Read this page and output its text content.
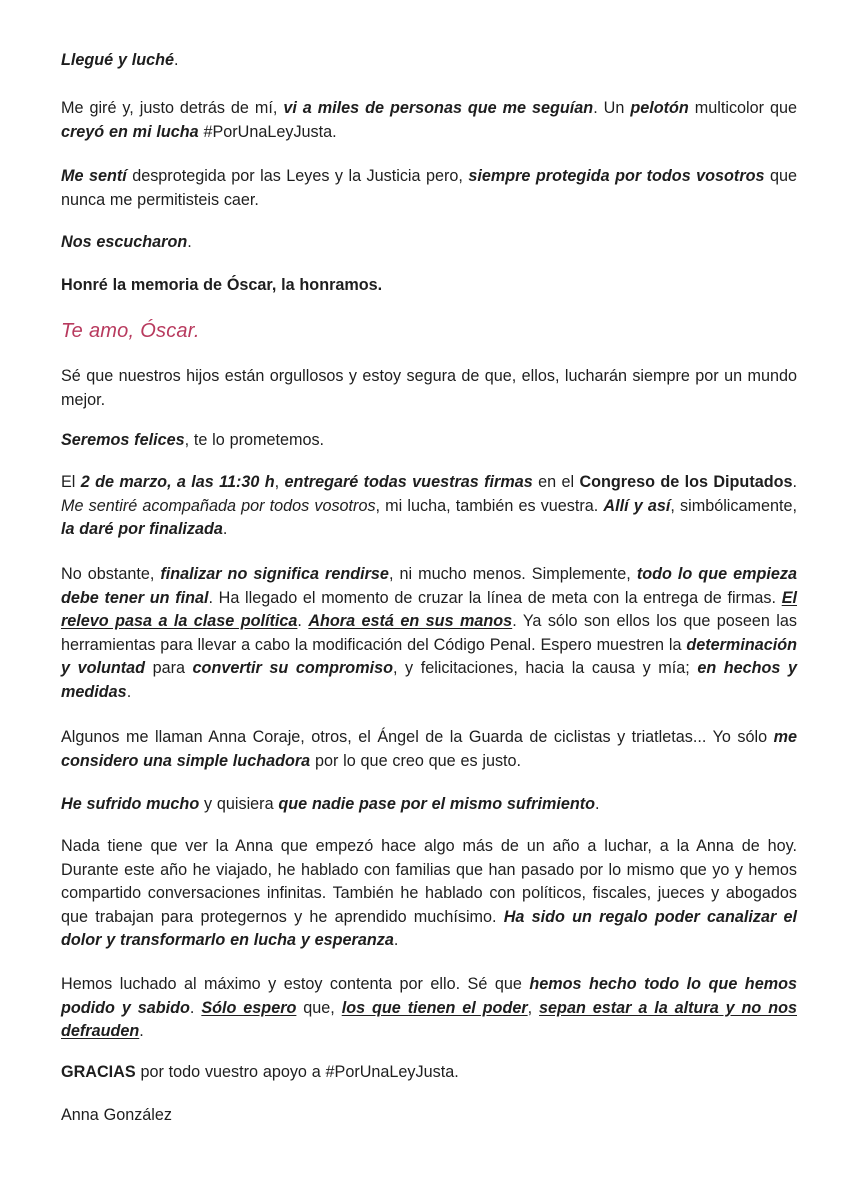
Llegué y luché.

Me giré y, justo detrás de mí, vi a miles de personas que me seguían. Un pelotón multicolor que creyó en mi lucha #PorUnaLeyJusta.

Me sentí desprotegida por las Leyes y la Justicia pero, siempre protegida por todos vosotros que nunca me permitisteis caer.

Nos escucharon.

Honré la memoria de Óscar, la honramos.

Te amo, Óscar.

Sé que nuestros hijos están orgullosos y estoy segura de que, ellos, lucharán siempre por un mundo mejor.

Seremos felices, te lo prometemos.

El 2 de marzo, a las 11:30 h, entregaré todas vuestras firmas en el Congreso de los Diputados. Me sentiré acompañada por todos vosotros, mi lucha, también es vuestra. Allí y así, simbólicamente, la daré por finalizada.

No obstante, finalizar no significa rendirse, ni mucho menos. Simplemente, todo lo que empieza debe tener un final. Ha llegado el momento de cruzar la línea de meta con la entrega de firmas. El relevo pasa a la clase política. Ahora está en sus manos. Ya sólo son ellos los que poseen las herramientas para llevar a cabo la modificación del Código Penal. Espero muestren la determinación y voluntad para convertir su compromiso, y felicitaciones, hacia la causa y mía; en hechos y medidas.

Algunos me llaman Anna Coraje, otros, el Ángel de la Guarda de ciclistas y triatletas... Yo sólo me considero una simple luchadora por lo que creo que es justo.

He sufrido mucho y quisiera que nadie pase por el mismo sufrimiento.

Nada tiene que ver la Anna que empezó hace algo más de un año a luchar, a la Anna de hoy. Durante este año he viajado, he hablado con familias que han pasado por lo mismo que yo y hemos compartido conversaciones infinitas. También he hablado con políticos, fiscales, jueces y abogados que trabajan para protegernos y he aprendido muchísimo. Ha sido un regalo poder canalizar el dolor y transformarlo en lucha y esperanza.

Hemos luchado al máximo y estoy contenta por ello. Sé que hemos hecho todo lo que hemos podido y sabido. Sólo espero que, los que tienen el poder, sepan estar a la altura y no nos defrauden.

GRACIAS por todo vuestro apoyo a #PorUnaLeyJusta.

Anna González
